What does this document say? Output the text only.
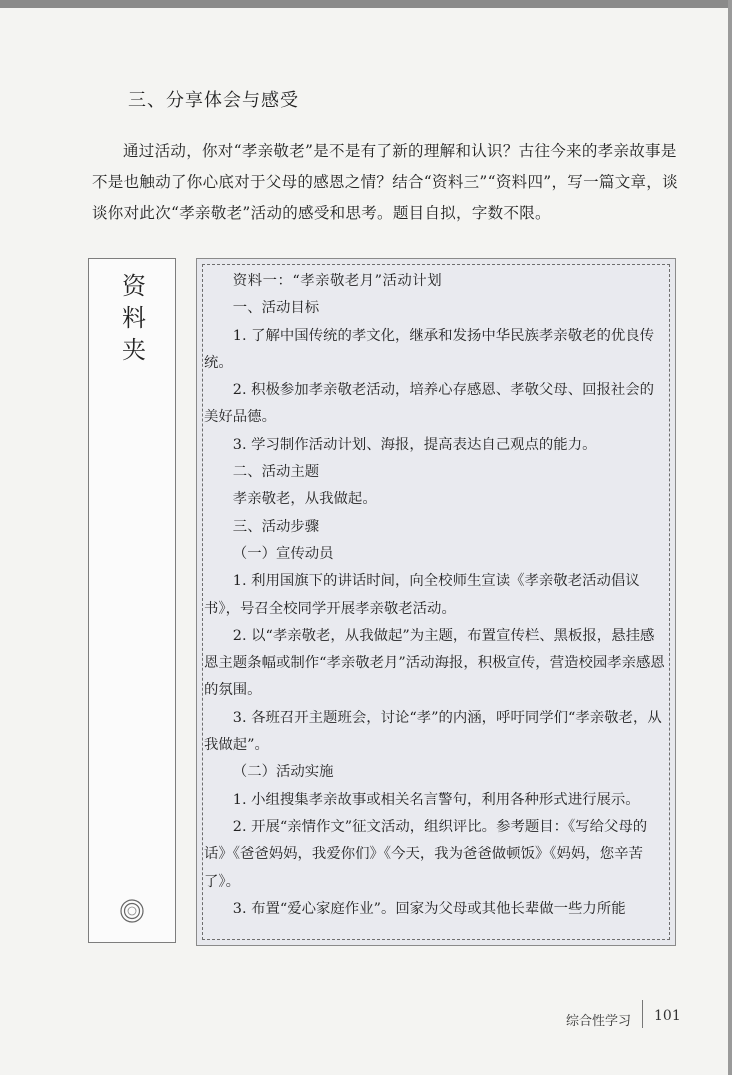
三、分享体会与感受
通过活动，你对“孝亲敬老”是不是有了新的理解和认识？古往今来的孝亲故事是不是也触动了你心底对于父母的感恩之情？结合“资料三”“资料四”，写一篇文章，谈谈你对此次“孝亲敬老”活动的感受和思考。题目自拟，字数不限。
资
料
夹

资料一：“孝亲敬老月”活动计划

一、活动目标

1. 了解中国传统的孝文化，继承和发扬中华民族孝亲敬老的优良传统。

2. 积极参加孝亲敬老活动，培养心存感恩、孝敬父母、回报社会的美好品德。

3. 学习制作活动计划、海报，提高表达自己观点的能力。

二、活动主题

孝亲敬老，从我做起。

三、活动步骤

（一）宣传动员

1. 利用国旗下的讲话时间，向全校师生宣读《孝亲敬老活动倡议书》，号召全校同学开展孝亲敬老活动。

2. 以“孝亲敬老，从我做起”为主题，布置宣传栏、黑板报，悬挂感恩主题条幅或制作“孝亲敬老月”活动海报，积极宣传，营造校园孝亲感恩的氛围。

3. 各班召开主题班会，讨论“孝”的内涵，呼吁同学们“孝亲敬老，从我做起”。

（二）活动实施

1. 小组搜集孝亲故事或相关名言警句，利用各种形式进行展示。

2. 开展“亲情作文”征文活动，组织评比。参考题目：《写给父母的话》《爸爸妈妈，我爱你们》《今天，我为爸爸做顿饭》《妈妈，您辛苦了》。

3. 布置“爱心家庭作业”。回家为父母或其他长辈做一些力所能

综合性学习 101
